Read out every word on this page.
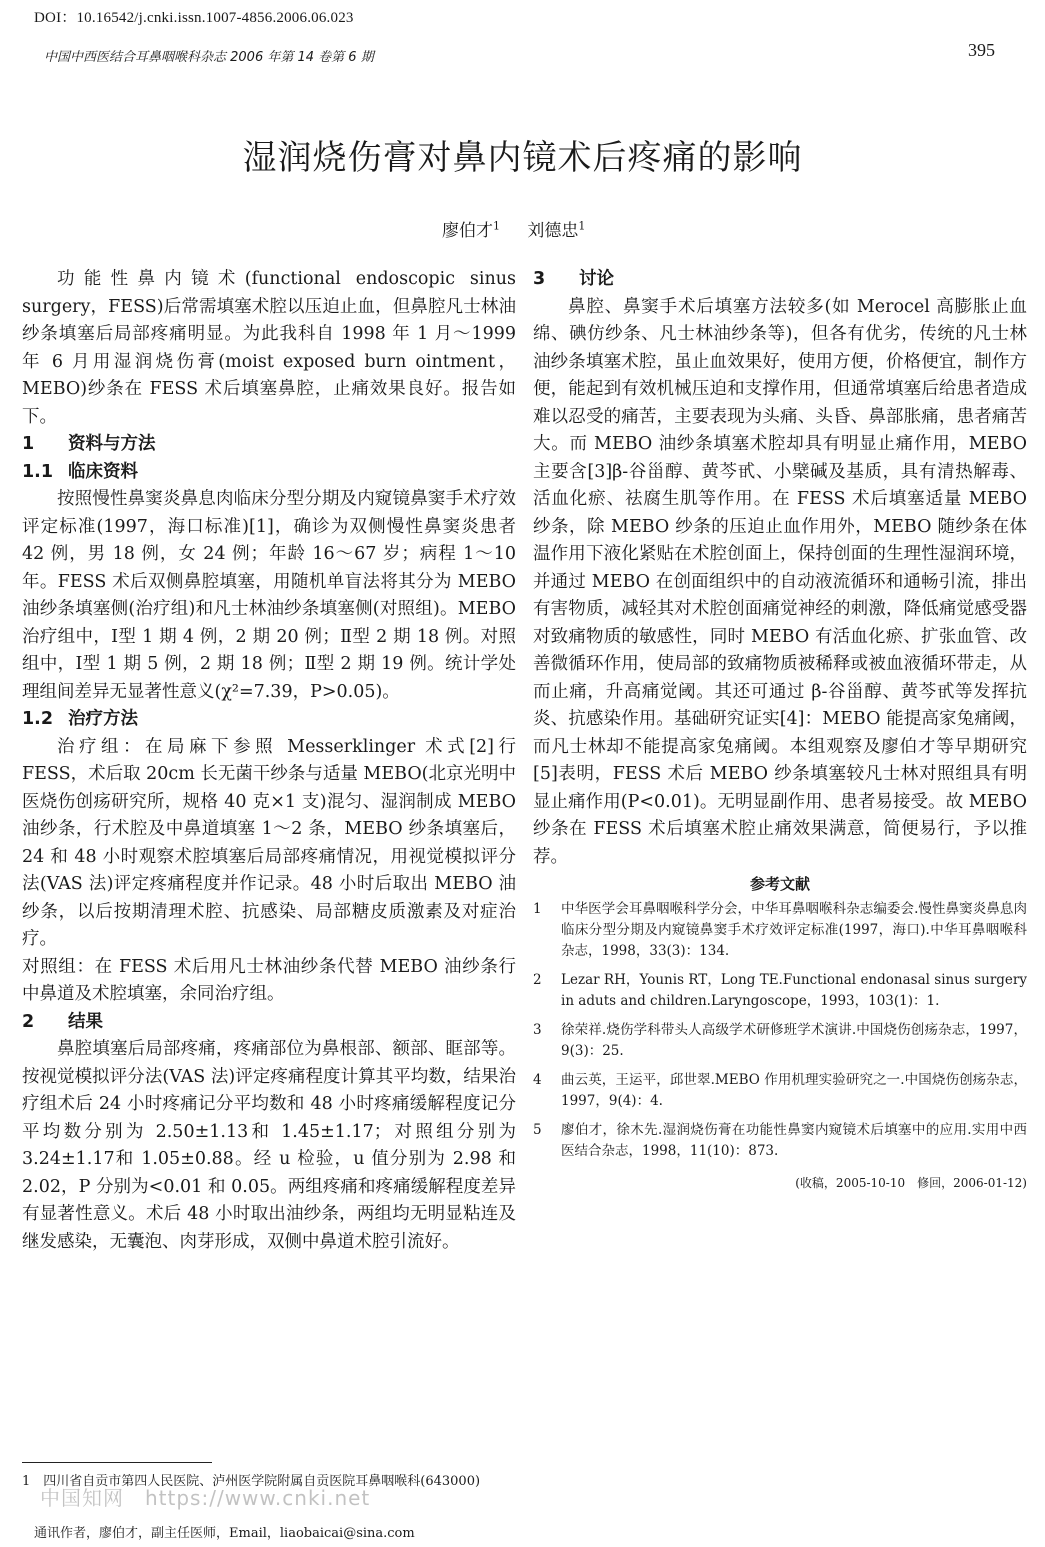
DOI：10.16542/j.cnki.issn.1007-4856.2006.06.023
中国中西医结合耳鼻咽喉科杂志 2006 年第 14 卷第 6 期	395
湿润烧伤膏对鼻内镜术后疼痛的影响
廖伯才$^1$ 刘德忠$^1$

功能性鼻内镜术(functional endoscopic sinus surgery，FESS)后常需填塞术腔以压迫止血，但鼻腔凡士林油纱条填塞后局部疼痛明显。为此我科自 1998 年 1 月～1999 年 6 月用湿润烧伤膏(moist exposed burn ointment，MEBO)纱条在 FESS 术后填塞鼻腔，止痛效果良好。报告如下。

1 资料与方法
1.1 临床资料

按照慢性鼻窦炎鼻息肉临床分型分期及内窥镜鼻窦手术疗效评定标准(1997，海口标准)[1]，确诊为双侧慢性鼻窦炎患者 42 例，男 18 例，女 24 例；年龄 16～67 岁；病程 1～10 年。FESS 术后双侧鼻腔填塞，用随机单盲法将其分为 MEBO 油纱条填塞侧(治疗组)和凡士林油纱条填塞侧(对照组)。MEBO 治疗组中，Ⅰ型 1 期 4 例，2 期 20 例；Ⅱ型 2 期 18 例。对照组中，Ⅰ型 1 期 5 例，2 期 18 例；Ⅱ型 2 期 19 例。统计学处理组间差异无显著性意义(χ²=7.39，P>0.05)。

1.2 治疗方法

治疗组：在局麻下参照 Messerklinger 术式[2]行 FESS，术后取 20cm 长无菌干纱条与适量 MEBO(北京光明中医烧伤创疡研究所，规格 40 克×1 支)混匀、湿润制成 MEBO 油纱条，行术腔及中鼻道填塞 1～2 条，MEBO 纱条填塞后，24 和 48 小时观察术腔填塞后局部疼痛情况，用视觉模拟评分法(VAS 法)评定疼痛程度并作记录。48 小时后取出 MEBO 油纱条，以后按期清理术腔、抗感染、局部糖皮质激素及对症治疗。

对照组：在 FESS 术后用凡士林油纱条代替 MEBO 油纱条行中鼻道及术腔填塞，余同治疗组。

2 结果

鼻腔填塞后局部疼痛，疼痛部位为鼻根部、额部、眶部等。按视觉模拟评分法(VAS 法)评定疼痛程度计算其平均数，结果治疗组术后 24 小时疼痛记分平均数和 48 小时疼痛缓解程度记分平均数分别为 2.50±1.13和 1.45±1.17；对照组分别为 3.24±1.17和 1.05±0.88。经 u 检验，u 值分别为 2.98 和2.02，P 分别为<0.01 和 0.05。两组疼痛和疼痛缓解程度差异有显著性意义。术后 48 小时取出油纱条，两组均无明显粘连及继发感染，无囊泡、肉芽形成，双侧中鼻道术腔引流好。

3 讨论

鼻腔、鼻窦手术后填塞方法较多(如 Merocel 高膨胀止血绵、碘仿纱条、凡士林油纱条等)，但各有优劣，传统的凡士林油纱条填塞术腔，虽止血效果好，使用方便，价格便宜，制作方便，能起到有效机械压迫和支撑作用，但通常填塞后给患者造成难以忍受的痛苦，主要表现为头痛、头昏、鼻部胀痛，患者痛苦大。而 MEBO 油纱条填塞术腔却具有明显止痛作用，MEBO 主要含[3]β-谷甾醇、黄芩甙、小檗碱及基质，具有清热解毒、活血化瘀、祛腐生肌等作用。在 FESS 术后填塞适量 MEBO 纱条，除 MEBO 纱条的压迫止血作用外，MEBO 随纱条在体温作用下液化紧贴在术腔创面上，保持创面的生理性湿润环境，并通过 MEBO 在创面组织中的自动液流循环和通畅引流，排出有害物质，减轻其对术腔创面痛觉神经的刺激，降低痛觉感受器对致痛物质的敏感性，同时 MEBO 有活血化瘀、扩张血管、改善微循环作用，使局部的致痛物质被稀释或被血液循环带走，从而止痛，升高痛觉阈。其还可通过 β-谷甾醇、黄芩甙等发挥抗炎、抗感染作用。基础研究证实[4]：MEBO 能提高家兔痛阈，而凡士林却不能提高家兔痛阈。本组观察及廖伯才等早期研究[5]表明，FESS 术后 MEBO 纱条填塞较凡士林对照组具有明显止痛作用(P<0.01)。无明显副作用、患者易接受。故 MEBO 纱条在 FESS 术后填塞术腔止痛效果满意，简便易行，予以推荐。

参考文献
1 中华医学会耳鼻咽喉科学分会，中华耳鼻咽喉科杂志编委会.慢性鼻窦炎鼻息肉临床分型分期及内窥镜鼻窦手术疗效评定标准(1997，海口).中华耳鼻咽喉科杂志，1998，33(3)：134.
2 Lezar RH，Younis RT，Long TE.Functional endonasal sinus surgery in aduts and children.Laryngoscope，1993，103(1)：1.
3 徐荣祥.烧伤学科带头人高级学术研修班学术演讲.中国烧伤创疡杂志，1997，9(3)：25.
4 曲云英，王运平，邱世翠.MEBO 作用机理实验研究之一.中国烧伤创疡杂志，1997，9(4)：4.
5 廖伯才，徐木先.湿润烧伤膏在功能性鼻窦内窥镜术后填塞中的应用.实用中西医结合杂志，1998，11(10)：873.
(收稿，2005-10-10　修回，2006-01-12)
1　四川省自贡市第四人民医院、泸州医学院附属自贡医院耳鼻咽喉科(643000)
中国知网　https://www.cnki.net
通讯作者，廖伯才，副主任医师，Email，liaobaicai@sina.com
